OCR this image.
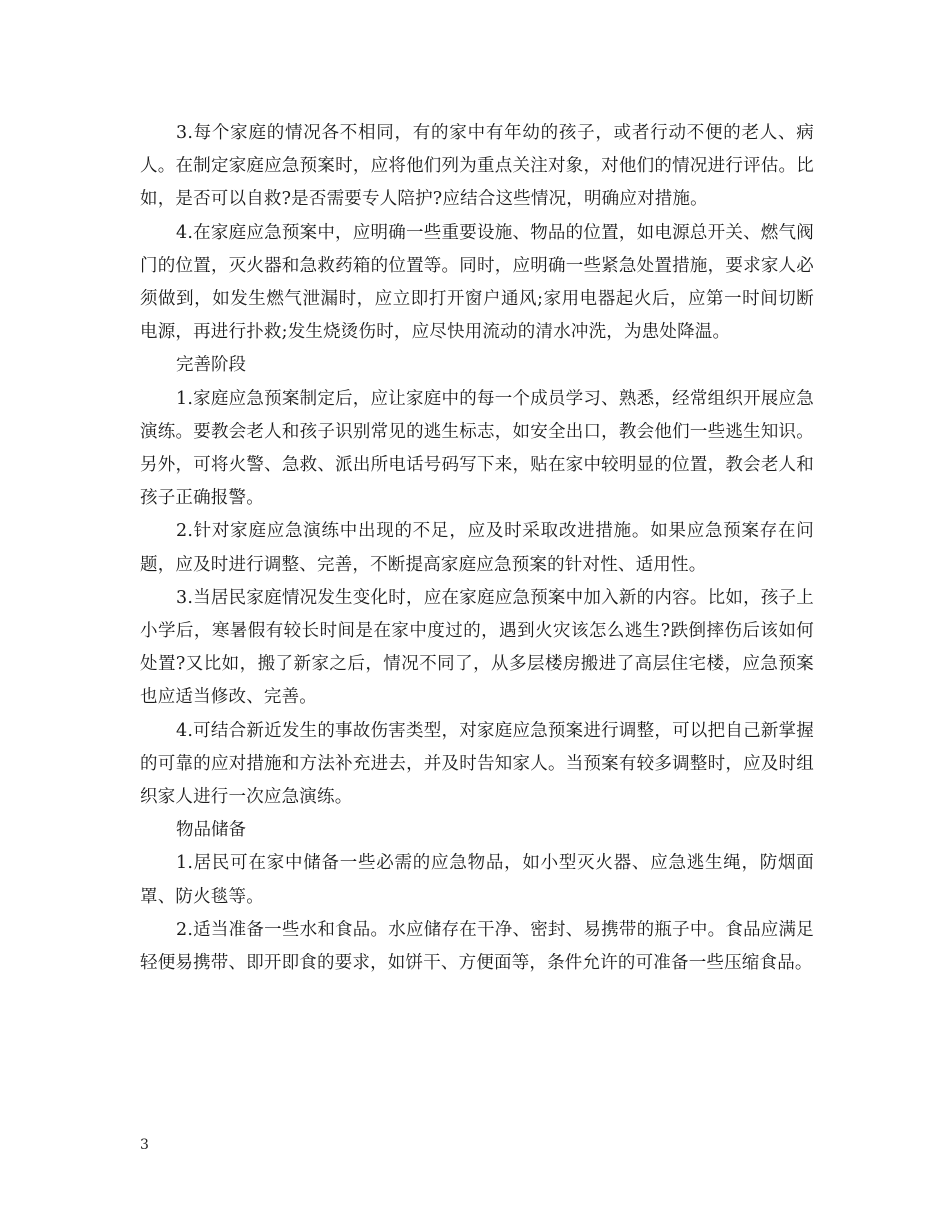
3.每个家庭的情况各不相同，有的家中有年幼的孩子，或者行动不便的老人、病人。在制定家庭应急预案时，应将他们列为重点关注对象，对他们的情况进行评估。比如，是否可以自救?是否需要专人陪护?应结合这些情况，明确应对措施。

4.在家庭应急预案中，应明确一些重要设施、物品的位置，如电源总开关、燃气阀门的位置，灭火器和急救药箱的位置等。同时，应明确一些紧急处置措施，要求家人必须做到，如发生燃气泄漏时，应立即打开窗户通风;家用电器起火后，应第一时间切断电源，再进行扑救;发生烧烫伤时，应尽快用流动的清水冲洗，为患处降温。

完善阶段

1.家庭应急预案制定后，应让家庭中的每一个成员学习、熟悉，经常组织开展应急演练。要教会老人和孩子识别常见的逃生标志，如安全出口，教会他们一些逃生知识。另外，可将火警、急救、派出所电话号码写下来，贴在家中较明显的位置，教会老人和孩子正确报警。

2.针对家庭应急演练中出现的不足，应及时采取改进措施。如果应急预案存在问题，应及时进行调整、完善，不断提高家庭应急预案的针对性、适用性。

3.当居民家庭情况发生变化时，应在家庭应急预案中加入新的内容。比如，孩子上小学后，寒暑假有较长时间是在家中度过的，遇到火灾该怎么逃生?跌倒摔伤后该如何处置?又比如，搬了新家之后，情况不同了，从多层楼房搬进了高层住宅楼，应急预案也应适当修改、完善。

4.可结合新近发生的事故伤害类型，对家庭应急预案进行调整，可以把自己新掌握的可靠的应对措施和方法补充进去，并及时告知家人。当预案有较多调整时，应及时组织家人进行一次应急演练。

物品储备

1.居民可在家中储备一些必需的应急物品，如小型灭火器、应急逃生绳，防烟面罩、防火毯等。

2.适当准备一些水和食品。水应储存在干净、密封、易携带的瓶子中。食品应满足轻便易携带、即开即食的要求，如饼干、方便面等，条件允许的可准备一些压缩食品。

3
